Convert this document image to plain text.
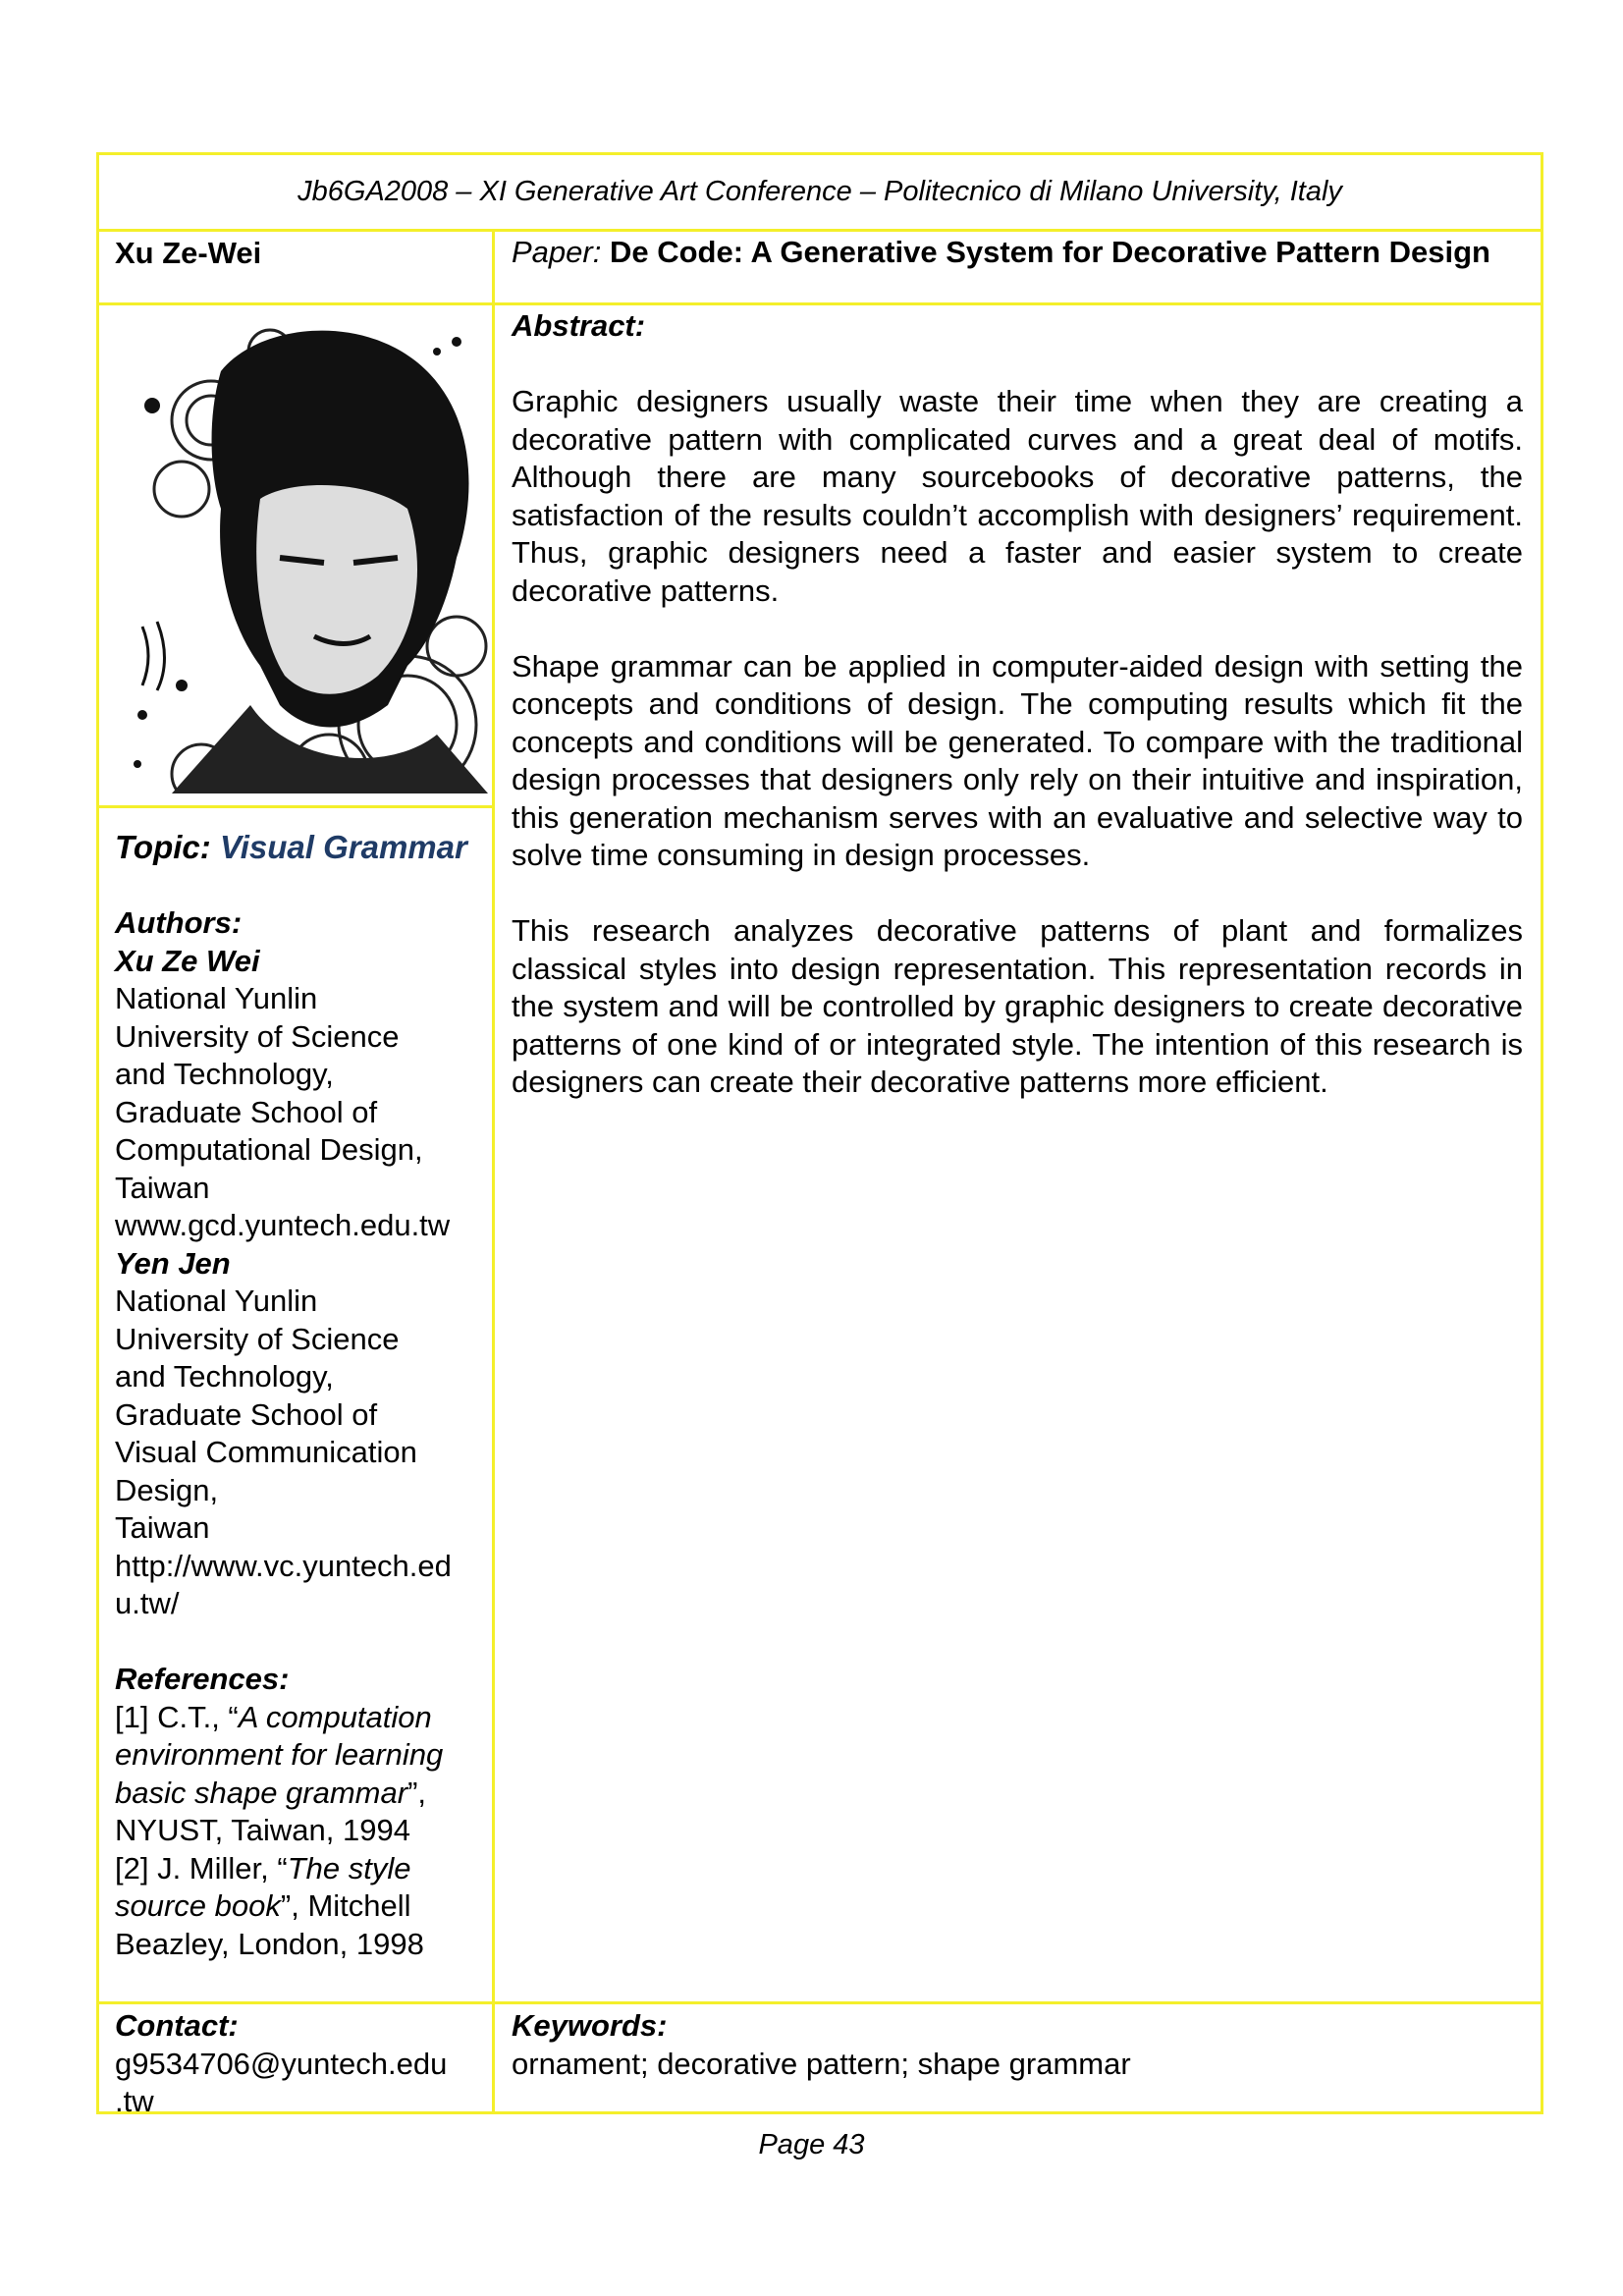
Jb6GA2008 – XI Generative Art Conference – Politecnico di Milano University, Italy
Xu Ze-Wei	Paper: De Code: A Generative System for Decorative Pattern Design
Topic: Visual Grammar
Authors:
Xu Ze Wei
National Yunlin
University of Science
and Technology,
Graduate School of
Computational Design,
Taiwan
www.gcd.yuntech.edu.tw
Yen Jen
National Yunlin
University of Science
and Technology,
Graduate School of
Visual Communication
Design,
Taiwan
http://www.vc.yuntech.ed
u.tw/
References:
[1] C.T., “A computation
environment for learning
basic shape grammar”,
NYUST, Taiwan, 1994
[2] J. Miller, “The style
source book”, Mitchell
Beazley, London, 1998
Abstract:

Graphic designers usually waste their time when they are creating a decorative pattern with complicated curves and a great deal of motifs. Although there are many sourcebooks of decorative patterns, the satisfaction of the results couldn’t accomplish with designers’ requirement. Thus, graphic designers need a faster and easier system to create decorative patterns.

Shape grammar can be applied in computer-aided design with setting the concepts and conditions of design. The computing results which fit the concepts and conditions will be generated. To compare with the traditional design processes that designers only rely on their intuitive and inspiration, this generation mechanism serves with an evaluative and selective way to solve time consuming in design processes.

This research analyzes decorative patterns of plant and formalizes classical styles into design representation. This representation records in the system and will be controlled by graphic designers to create decorative patterns of one kind of or integrated style. The intention of this research is designers can create their decorative patterns more efficient.

Contact:
g9534706@yuntech.edu
.tw
Keywords:
ornament; decorative pattern; shape grammar
Page 43
